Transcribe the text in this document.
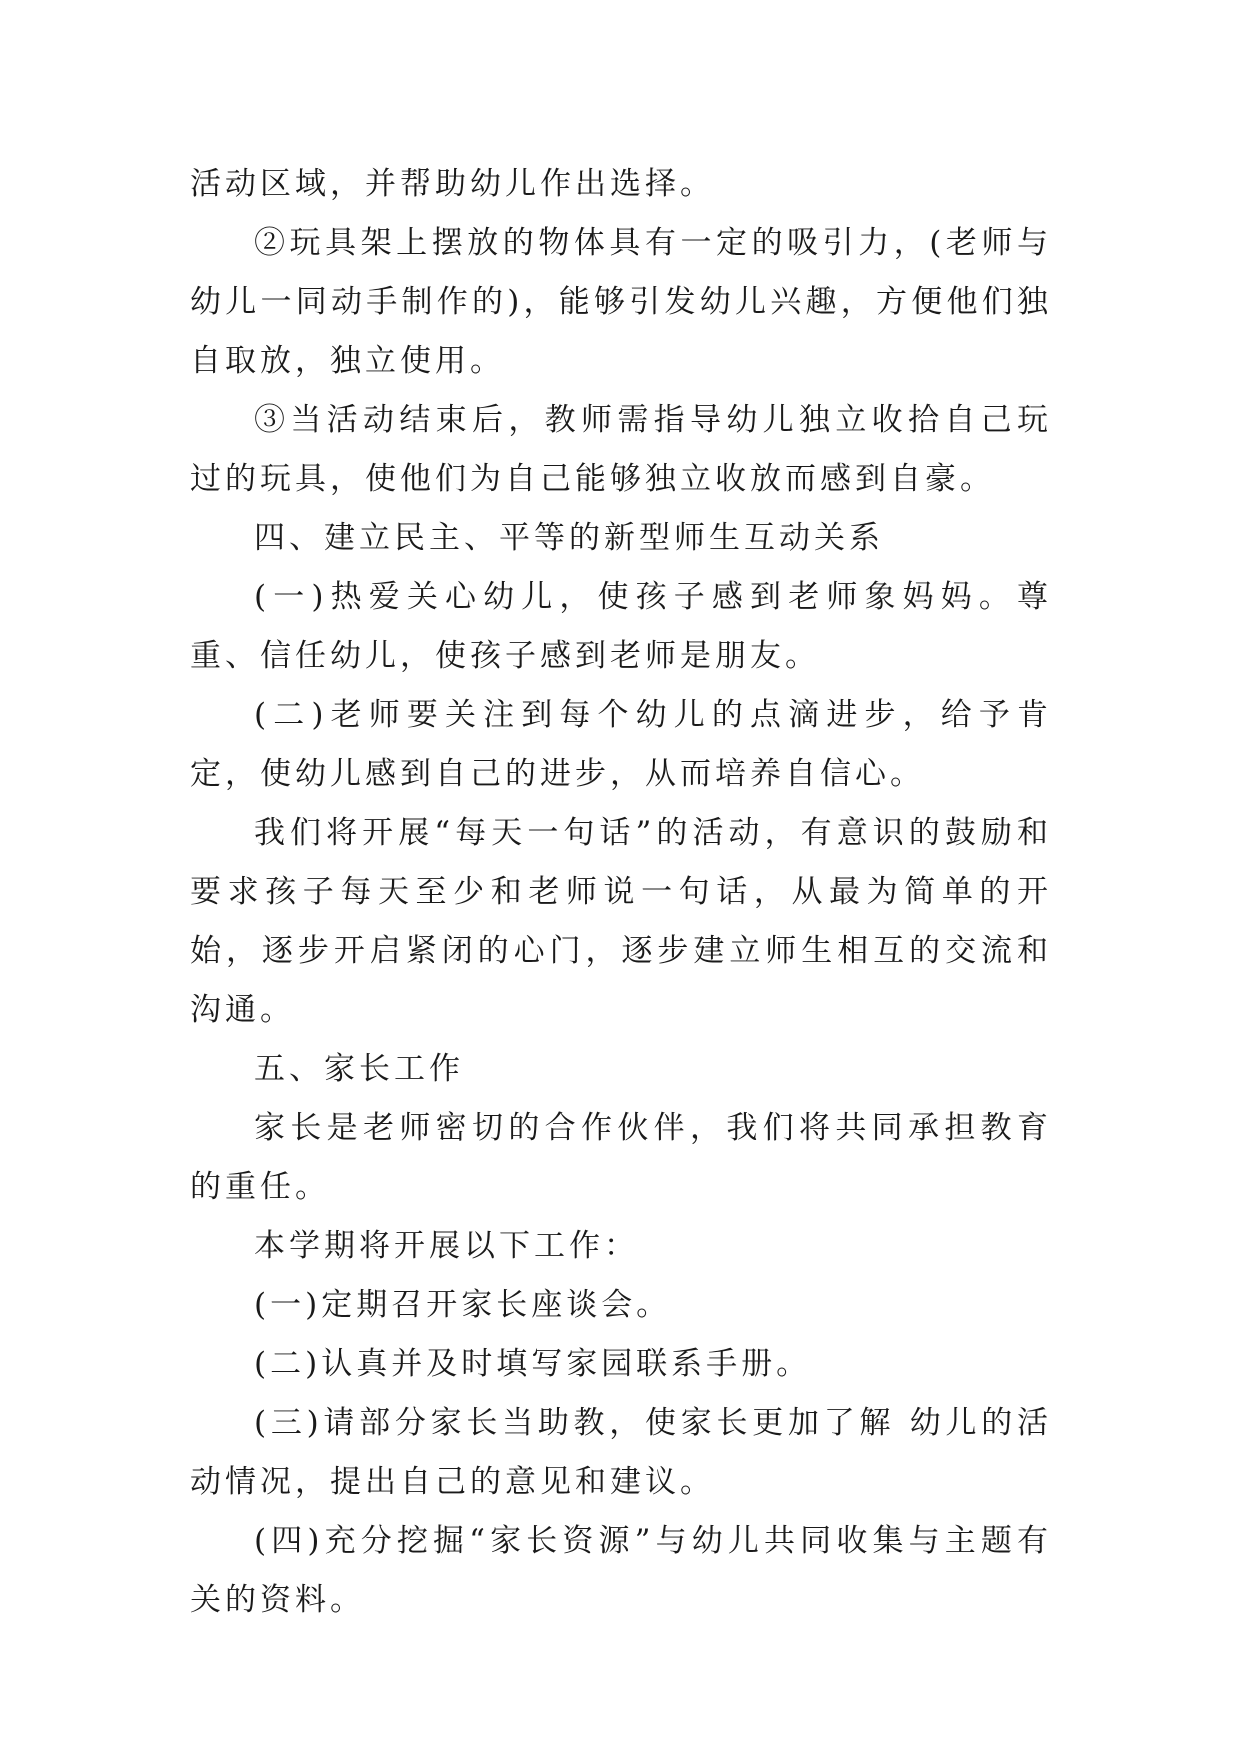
活动区域，并帮助幼儿作出选择。

②玩具架上摆放的物体具有一定的吸引力，(老师与幼儿一同动手制作的)，能够引发幼儿兴趣，方便他们独自取放，独立使用。

③当活动结束后，教师需指导幼儿独立收拾自己玩过的玩具，使他们为自己能够独立收放而感到自豪。

四、建立民主、平等的新型师生互动关系

(一)热爱关心幼儿，使孩子感到老师象妈妈。尊重、信任幼儿，使孩子感到老师是朋友。

(二)老师要关注到每个幼儿的点滴进步，给予肯定，使幼儿感到自己的进步，从而培养自信心。

我们将开展“每天一句话”的活动，有意识的鼓励和要求孩子每天至少和老师说一句话，从最为简单的开始，逐步开启紧闭的心门，逐步建立师生相互的交流和沟通。

五、家长工作

家长是老师密切的合作伙伴，我们将共同承担教育的重任。

本学期将开展以下工作：

(一)定期召开家长座谈会。

(二)认真并及时填写家园联系手册。

(三)请部分家长当助教，使家长更加了解 幼儿的活动情况，提出自己的意见和建议。

(四)充分挖掘“家长资源”与幼儿共同收集与主题有关的资料。
